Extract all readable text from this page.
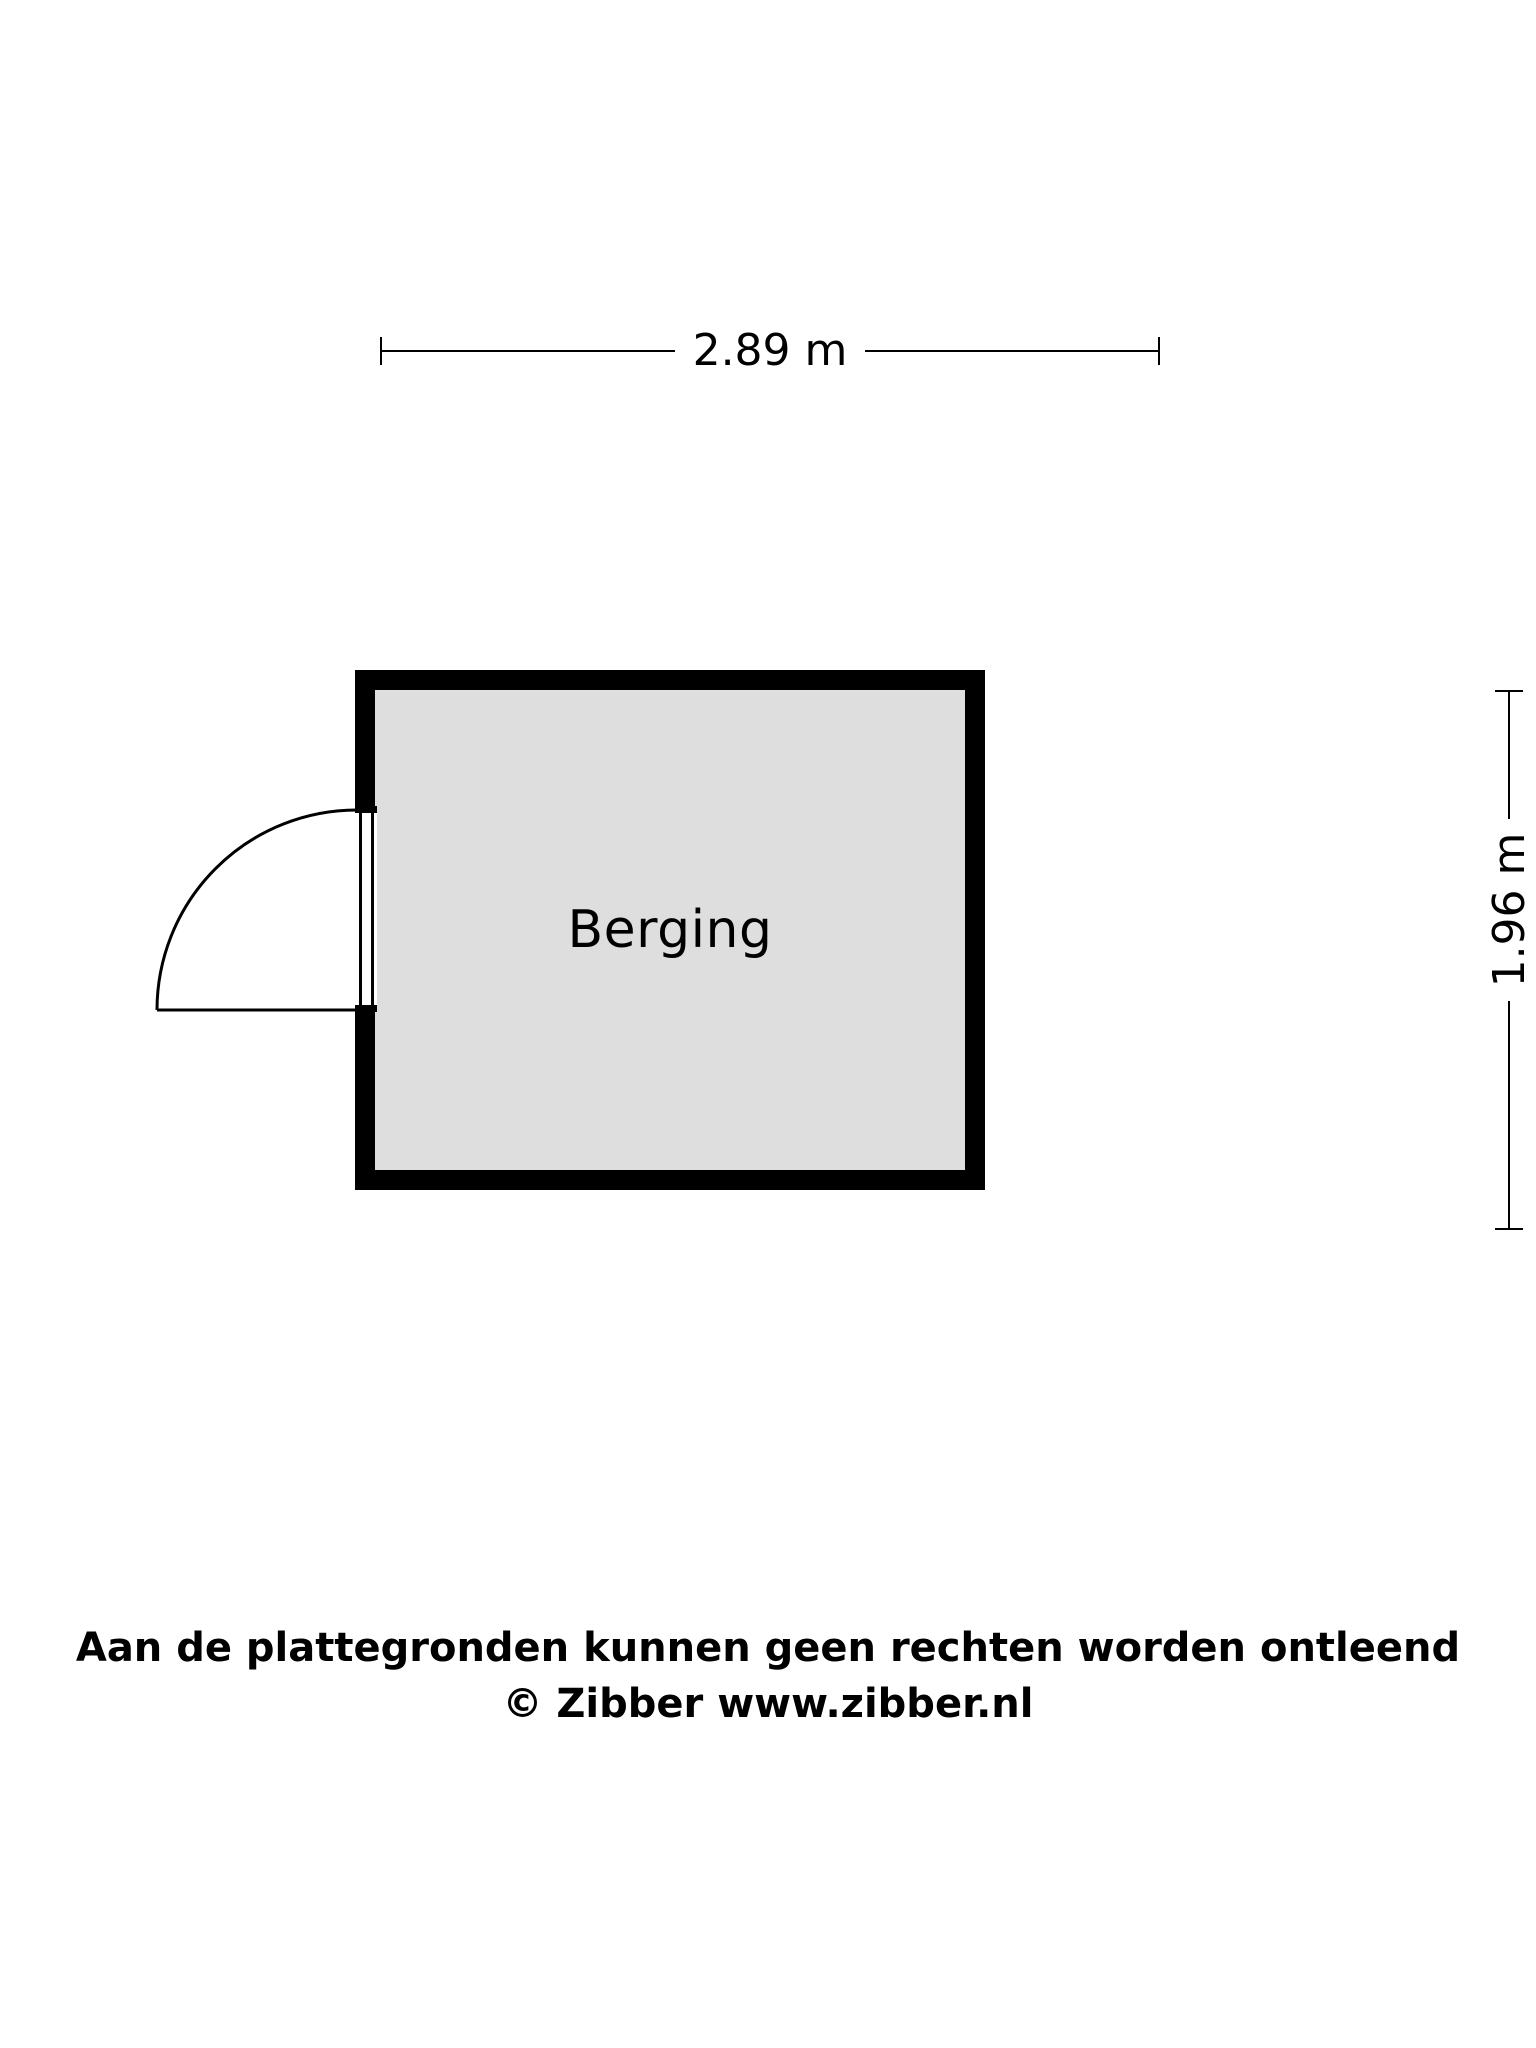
2.89 m
1.96 m
Berging
Aan de plattegronden kunnen geen rechten worden ontleend
© Zibber www.zibber.nl
